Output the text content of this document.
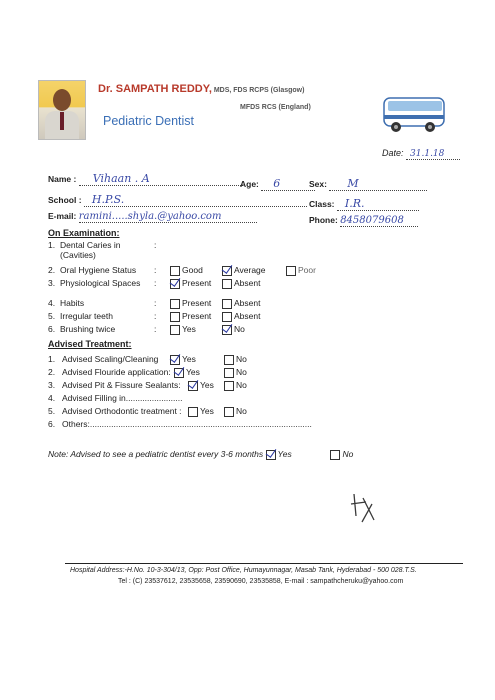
Dr. SAMPATH REDDY, MDS, FDS RCPS (Glasgow)
MFDS RCS (England)
Pediatric Dentist
Date: 31.1.18
Name : Vihaan . A	Age: 6	Sex: M
School : H.P.S.	Class: I.R.
E-mail: ramini.....shyla.@yahoo.com	Phone: 8458079608
On Examination:
1. Dental Caries in (Cavities)
:
2. Oral Hygiene Status	:	Good	Average	Poor
3. Physiological Spaces	:	Present	Absent
4. Habits	:	Present	Absent
5. Irregular teeth	:	Present	Absent
6. Brushing twice	:	Yes	No
Advised Treatment:
1. Advised Scaling/Cleaning	Yes	No
2. Advised Flouride application:	Yes	No
3. Advised Pit & Fissure Sealants:	Yes	No
4. Advised Filling in........................
5. Advised Orthodontic treatment :	Yes	No
6. Others:..............................................................................................
Note: Advised to see a pediatric dentist every 3-6 months Yes	No
Hospital Address:-H.No. 10-3-304/13, Opp: Post Office, Humayunnagar, Masab Tank, Hyderabad - 500 028.T.S.
Tel : (C) 23537612, 23535658, 23590690, 23535858, E-mail : sampathcheruku@yahoo.com
